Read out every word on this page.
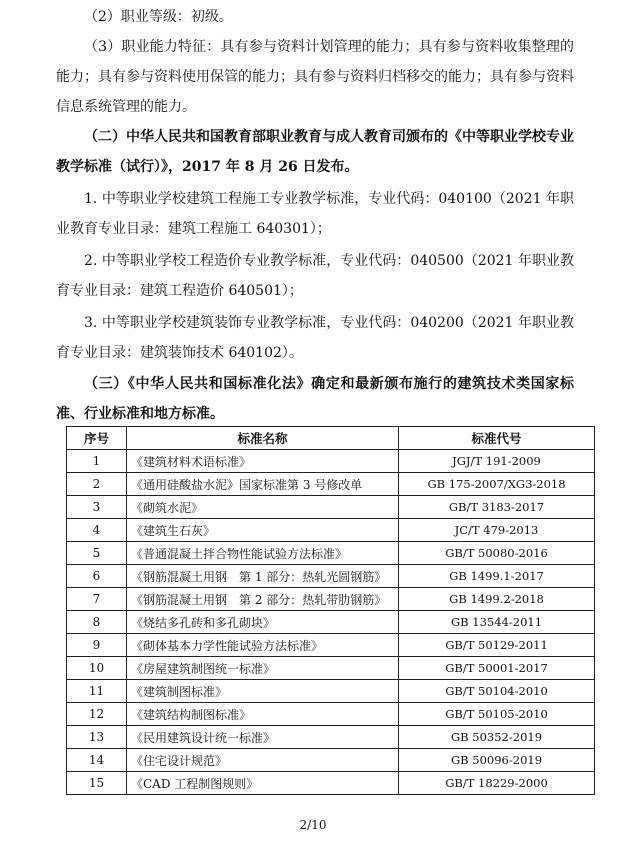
（2）职业等级：初级。

（3）职业能力特征：具有参与资料计划管理的能力；具有参与资料收集整理的能力；具有参与资料使用保管的能力；具有参与资料归档移交的能力；具有参与资料信息系统管理的能力。

（二）中华人民共和国教育部职业教育与成人教育司颁布的《中等职业学校专业教学标准（试行）》，2017 年 8 月 26 日发布。

1. 中等职业学校建筑工程施工专业教学标准，专业代码：040100（2021 年职业教育专业目录：建筑工程施工 640301）；

2. 中等职业学校工程造价专业教学标准，专业代码：040500（2021 年职业教育专业目录：建筑工程造价 640501）；

3. 中等职业学校建筑装饰专业教学标准，专业代码：040200（2021 年职业教育专业目录：建筑装饰技术 640102）。

（三）《中华人民共和国标准化法》确定和最新颁布施行的建筑技术类国家标准、行业标准和地方标准。

序号	标准名称	标准代号
1	《建筑材料术语标准》	JGJ/T 191-2009
2	《通用硅酸盐水泥》国家标准第 3 号修改单	GB 175-2007/XG3-2018
3	《砌筑水泥》	GB/T 3183-2017
4	《建筑生石灰》	JC/T 479-2013
5	《普通混凝土拌合物性能试验方法标准》	GB/T 50080-2016
6	《钢筋混凝土用钢　第 1 部分：热轧光圆钢筋》	GB 1499.1-2017
7	《钢筋混凝土用钢　第 2 部分：热轧带肋钢筋》	GB 1499.2-2018
8	《烧结多孔砖和多孔砌块》	GB 13544-2011
9	《砌体基本力学性能试验方法标准》	GB/T 50129-2011
10	《房屋建筑制图统一标准》	GB/T 50001-2017
11	《建筑制图标准》	GB/T 50104-2010
12	《建筑结构制图标准》	GB/T 50105-2010
13	《民用建筑设计统一标准》	GB 50352-2019
14	《住宅设计规范》	GB 50096-2019
15	《CAD 工程制图规则》	GB/T 18229-2000
2/10
